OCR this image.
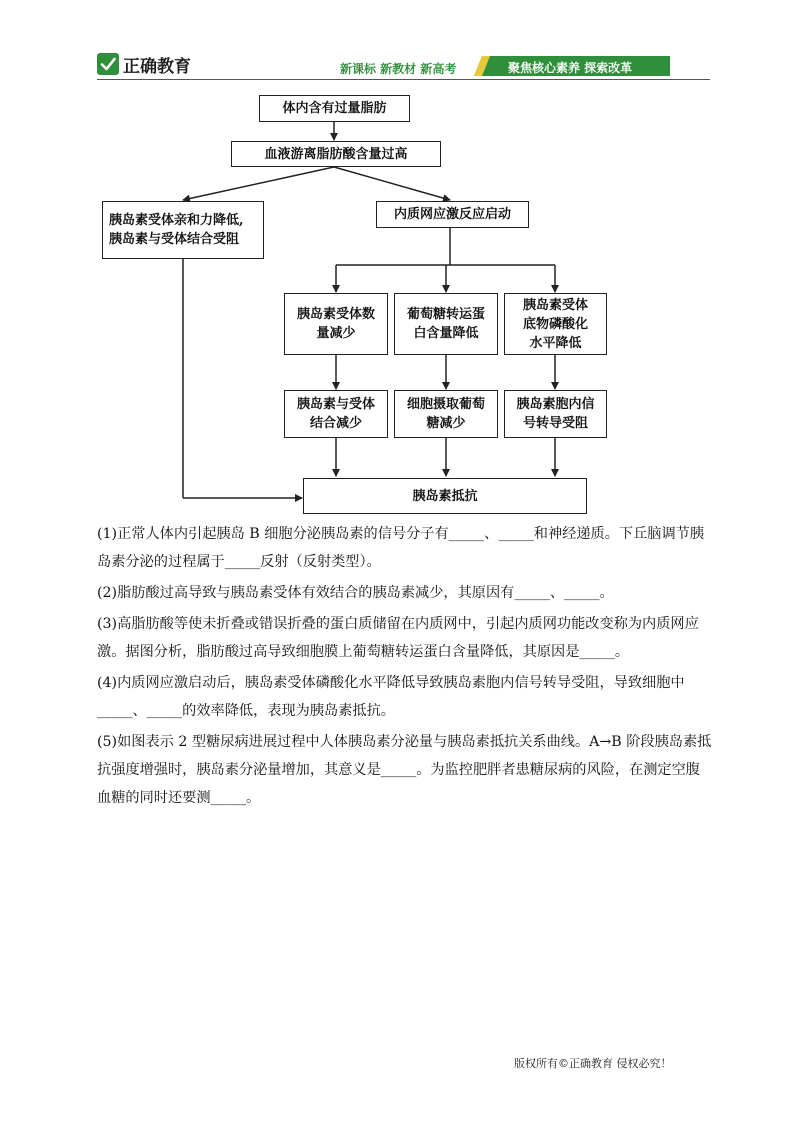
正确教育	新课标 新教材 新高考	聚焦核心素养 探索改革
体内含有过量脂肪
血液游离脂肪酸含量过高
胰岛素受体亲和力降低,
胰岛素与受体结合受阻
内质网应激反应启动
胰岛素受体数
量减少
葡萄糖转运蛋
白含量降低
胰岛素受体
底物磷酸化
水平降低
胰岛素与受体
结合减少
细胞摄取葡萄
糖减少
胰岛素胞内信
号转导受阻
胰岛素抵抗

(1)正常人体内引起胰岛 B 细胞分泌胰岛素的信号分子有_____、_____和神经递质。下丘脑调节胰岛素分泌的过程属于_____反射（反射类型）。

(2)脂肪酸过高导致与胰岛素受体有效结合的胰岛素减少，其原因有_____、_____。

(3)高脂肪酸等使未折叠或错误折叠的蛋白质储留在内质网中，引起内质网功能改变称为内质网应激。据图分析，脂肪酸过高导致细胞膜上葡萄糖转运蛋白含量降低，其原因是_____。

(4)内质网应激启动后，胰岛素受体磷酸化水平降低导致胰岛素胞内信号转导受阻，导致细胞中_____、_____的效率降低，表现为胰岛素抵抗。

(5)如图表示 2 型糖尿病进展过程中人体胰岛素分泌量与胰岛素抵抗关系曲线。A→B 阶段胰岛素抵抗强度增强时，胰岛素分泌量增加，其意义是_____。为监控肥胖者患糖尿病的风险，在测定空腹血糖的同时还要测_____。

版权所有©正确教育 侵权必究！
